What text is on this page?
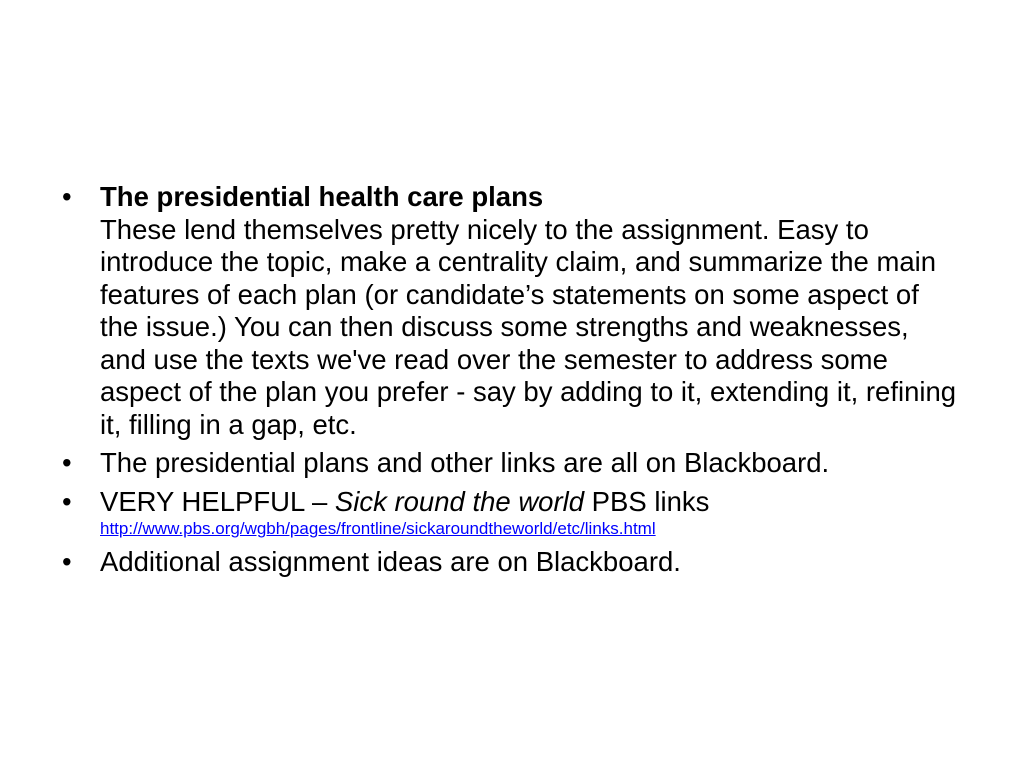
• The presidential health care plans
These lend themselves pretty nicely to the assignment. Easy to introduce the topic, make a centrality claim, and summarize the main features of each plan (or candidate’s statements on some aspect of the issue.) You can then discuss some strengths and weaknesses, and use the texts we've read over the semester to address some aspect of the plan you prefer - say by adding to it, extending it, refining it, filling in a gap, etc.
• The presidential plans and other links are all on Blackboard.
• VERY HELPFUL – Sick round the world PBS links
http://www.pbs.org/wgbh/pages/frontline/sickaroundtheworld/etc/links.html
• Additional assignment ideas are on Blackboard.
